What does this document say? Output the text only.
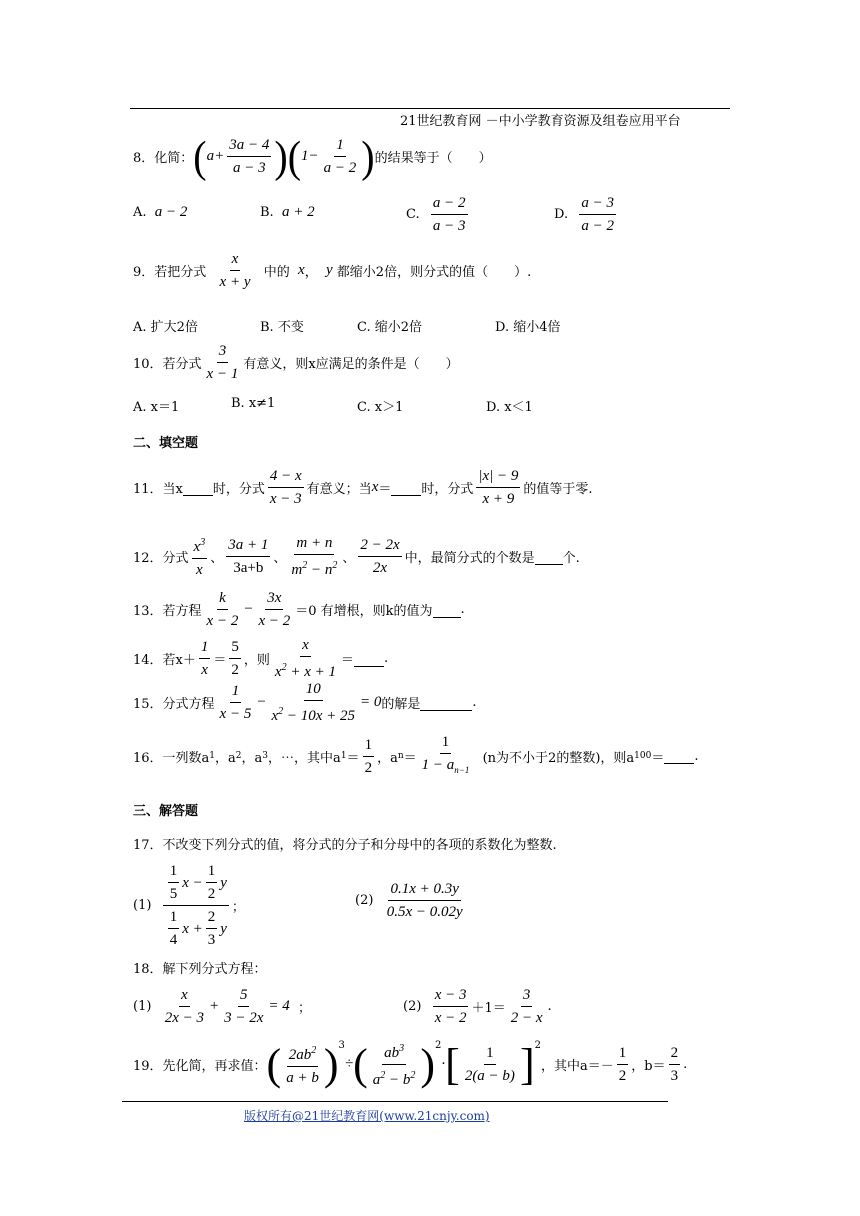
21世纪教育网 －中小学教育资源及组卷应用平台
8．化简： ( $a + \frac{3a - 4}{a - 3}$ ) ( $1- \frac{1}{a - 2}$ ) 的结果等于（　　）
A.
a − 2	B.
a + 2	C.
$\frac{a - 2}{a - 3}$	D.
$\frac{a - 3}{a - 2}$
9．若把分式
$\frac{x}{x + y}$
中的
x ，
y
都缩小2倍，则分式的值（　　）.
A. 扩大2倍	B. 不变	C. 缩小2倍	D. 缩小4倍
10．若分式 $\frac{3}{x - 1}$ 有意义，则x应满足的条件是（　　）
A. x＝1	B. x≠1	C. x＞1	D. x＜1
二、填空题
11．当x
时，分式 $\frac{4 - x}{x - 3}$ 有意义；当 x ＝
时，分式 $\frac{|x| - 9}{x + 9}$ 的值等于零.
12．分式 $\frac{x^3}{x}$ 、 $\frac{3a + 1}{3a+b}$ 、 $\frac{m + n}{m^2 - n^2}$ 、 $\frac{2 - 2x}{2x}$ 中，最简分式的个数是
个.
13．若方程 $\frac{k}{x - 2} - \frac{3x}{x - 2} =0$ 有增根，则k的值为
.
14．若$x+ \frac{1}{x} = \frac{5}{2}$ ，则 $\frac{x}{x^2 + x + 1}$ ＝
.
15．分式方程 $\frac{1}{x - 5} - \frac{10}{x^2 - 10x + 25} = 0$ 的解是
	.
16．一列数a 1 ，a 2 ，a 3 ，⋯ ，其中a $1 = \frac{1}{2}$ ，a $n = \frac{1}{1 - a_{n-1}}$
(n为不小于2的整数)，则a 100 ＝
.
三、解答题
17．不改变下列分式的值，将分式的分子和分母中的各项的系数化为整数.
(1)
$\frac{\frac{1}{5} x - \frac{1}{2} y}{\frac{1}{4} x + \frac{2}{3} y}$ ；	(2)
$\frac{0.1x + 0.3y}{0.5x - 0.02y}$
18．解下列分式方程：
(1)
$\frac{x}{2x - 3} + \frac{5}{3 - 2x} = 4$
；	(2)
$\frac{x - 3}{x - 2} +1= \frac{3}{2 - x}$ .
19．先化简，再求值： ( $\frac{2ab^2}{a + b}$ ) 3
÷ ( $\frac{ab^3}{a^2 - b^2}$ ) 2
· [ $\frac{1}{2(a - b)}$ ] 2
，其中$a=- \frac{1}{2}$ ，$b= \frac{2}{3}$ .
版权所有@21世纪教育网(www.21cnjy.com)
